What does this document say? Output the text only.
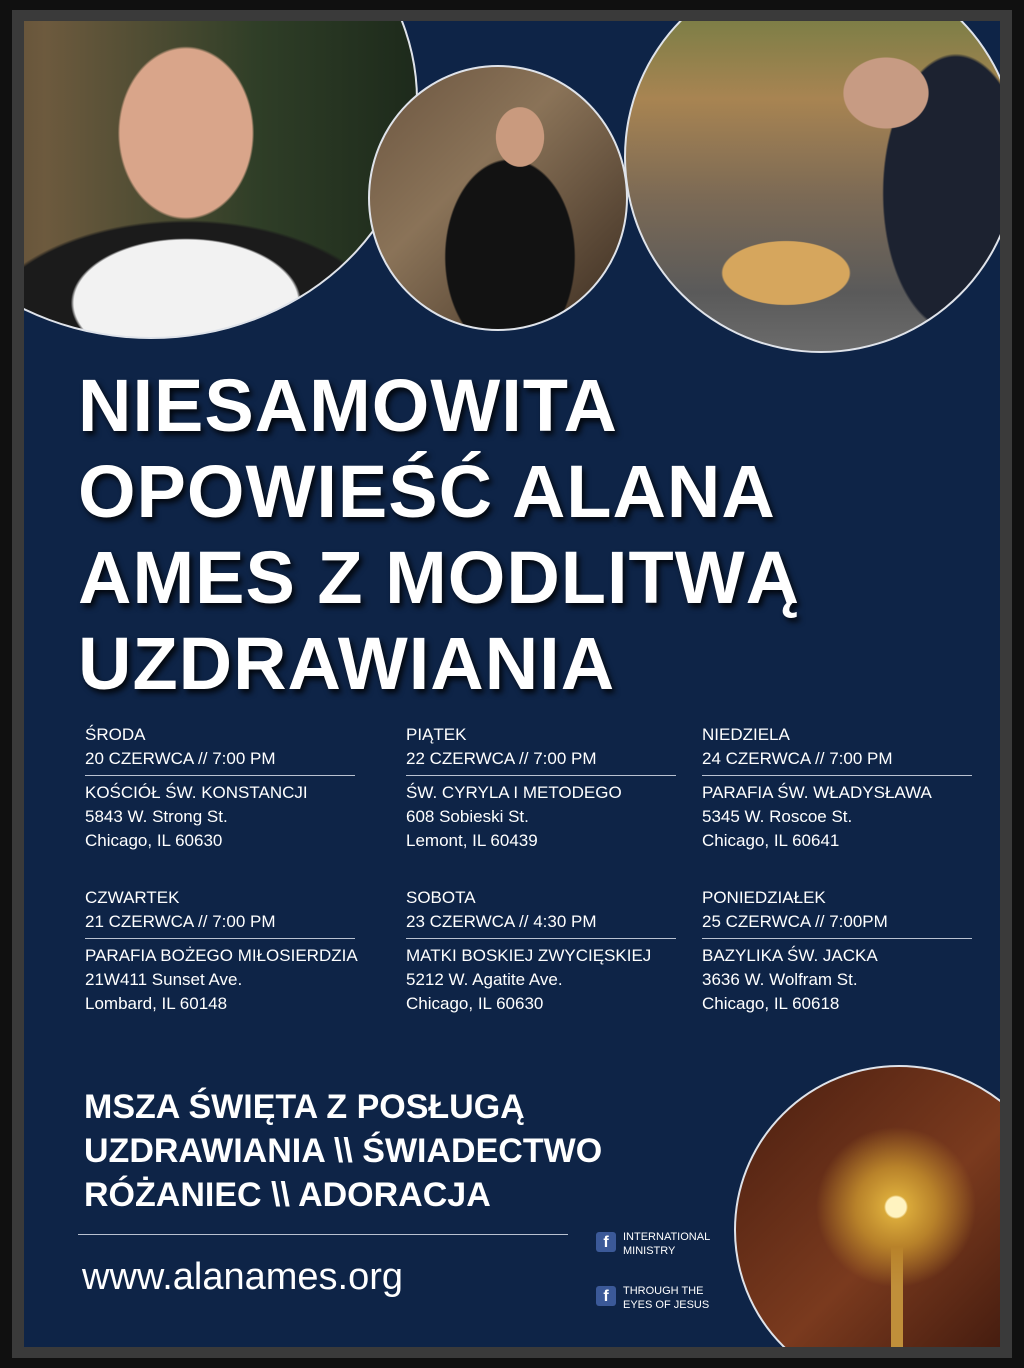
NIESAMOWITA
OPOWIEŚĆ ALANA
AMES Z MODLITWĄ
UZDRAWIANIA
ŚRODA
20 CZERWCA // 7:00 PM
KOŚCIÓŁ ŚW. KONSTANCJI
5843 W. Strong St.
Chicago, IL 60630
PIĄTEK
22 CZERWCA // 7:00 PM
ŚW. CYRYLA I METODEGO
608 Sobieski St.
Lemont, IL 60439
NIEDZIELA
24 CZERWCA // 7:00 PM
PARAFIA ŚW. WŁADYSŁAWA
5345 W. Roscoe St.
Chicago, IL 60641
CZWARTEK
21 CZERWCA // 7:00 PM
PARAFIA BOŻEGO MIŁOSIERDZIA
21W411 Sunset Ave.
Lombard, IL 60148
SOBOTA
23 CZERWCA // 4:30 PM
MATKI BOSKIEJ ZWYCIĘSKIEJ
5212 W. Agatite Ave.
Chicago, IL 60630
PONIEDZIAŁEK
25 CZERWCA // 7:00PM
BAZYLIKA ŚW. JACKA
3636 W. Wolfram St.
Chicago, IL 60618
MSZA ŚWIĘTA Z POSŁUGĄ
UZDRAWIANIA \\ ŚWIADECTWO
RÓŻANIEC \\ ADORACJA
www.alanames.org
f	INTERNATIONAL
MINISTRY
f	THROUGH THE
EYES OF JESUS
